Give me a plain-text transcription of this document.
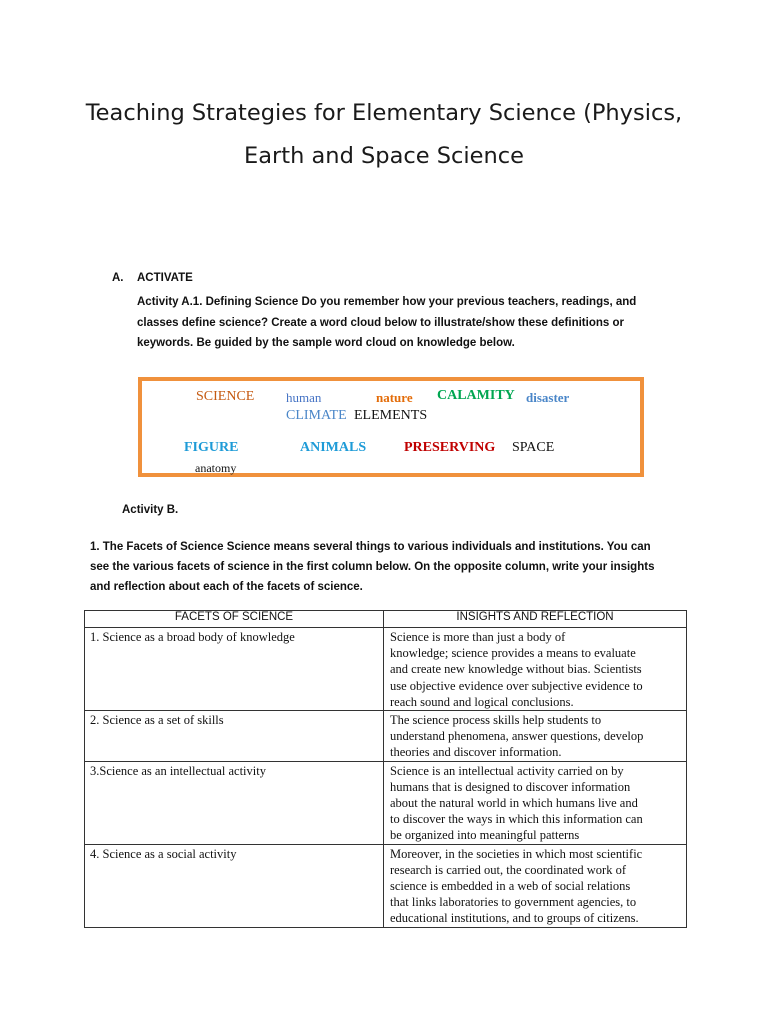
Teaching Strategies for Elementary Science (Physics,
Earth and Space Science
A. ACTIVATE

Activity A.1. Defining Science Do you remember how your previous teachers, readings, and
classes define science? Create a word cloud below to illustrate/show these definitions or
keywords. Be guided by the sample word cloud on knowledge below.

SCIENCE human	nature CALAMITY disaster
CLIMATE ELEMENTS
FIGURE	ANIMALS	PRESERVING SPACE
anatomy
Activity B.

1. The Facets of Science Science means several things to various individuals and institutions. You can
see the various facets of science in the first column below. On the opposite column, write your insights
and reflection about each of the facets of science.

FACETS OF SCIENCE	INSIGHTS AND REFLECTION
1. Science as a broad body of knowledge	Science is more than just a body of
knowledge; science provides a means to evaluate
and create new knowledge without bias. Scientists
use objective evidence over subjective evidence to
reach sound and logical conclusions.

2. Science as a set of skills	The science process skills help students to
understand phenomena, answer questions, develop
theories and discover information.

3.Science as an intellectual activity	Science is an intellectual activity carried on by
humans that is designed to discover information
about the natural world in which humans live and
to discover the ways in which this information can
be organized into meaningful patterns

4. Science as a social activity	Moreover, in the societies in which most scientific
research is carried out, the coordinated work of
science is embedded in a web of social relations
that links laboratories to government agencies, to
educational institutions, and to groups of citizens.
